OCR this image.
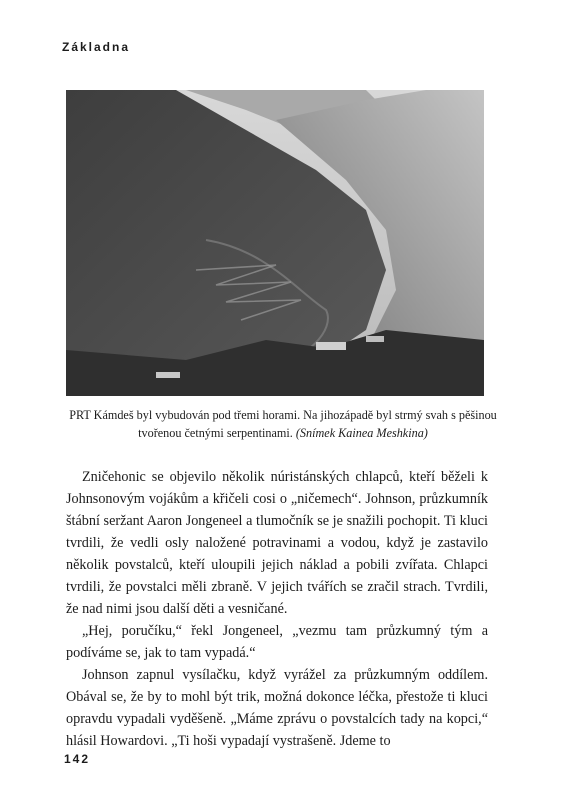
Základna
PRT Kámdeš byl vybudován pod třemi horami. Na jihozápadě byl strmý svah s pěšinou tvořenou četnými serpentinami. (Snímek Kainea Meshkina)

Zničehonic se objevilo několik núristánských chlapců, kteří běželi k Johnsonovým vojákům a křičeli cosi o „ničemech“. Johnson, průzkumník štábní seržant Aaron Jongeneel a tlumočník se je snažili pochopit. Ti kluci tvrdili, že vedli osly naložené potravinami a vodou, když je zastavilo několik povstalců, kteří uloupili jejich náklad a pobili zvířata. Chlapci tvrdili, že povstalci měli zbraně. V jejich tvářích se zračil strach. Tvrdili, že nad nimi jsou další děti a vesničané.

„Hej, poručíku,“ řekl Jongeneel, „vezmu tam průzkumný tým a podíváme se, jak to tam vypadá.“

Johnson zapnul vysílačku, když vyrážel za průzkumným oddílem. Obával se, že by to mohl být trik, možná dokonce léčka, přestože ti kluci opravdu vypadali vyděšeně. „Máme zprávu o povstalcích tady na kopci,“ hlásil Howardovi. „Ti hoši vypadají vystrašeně. Jdeme to

142
